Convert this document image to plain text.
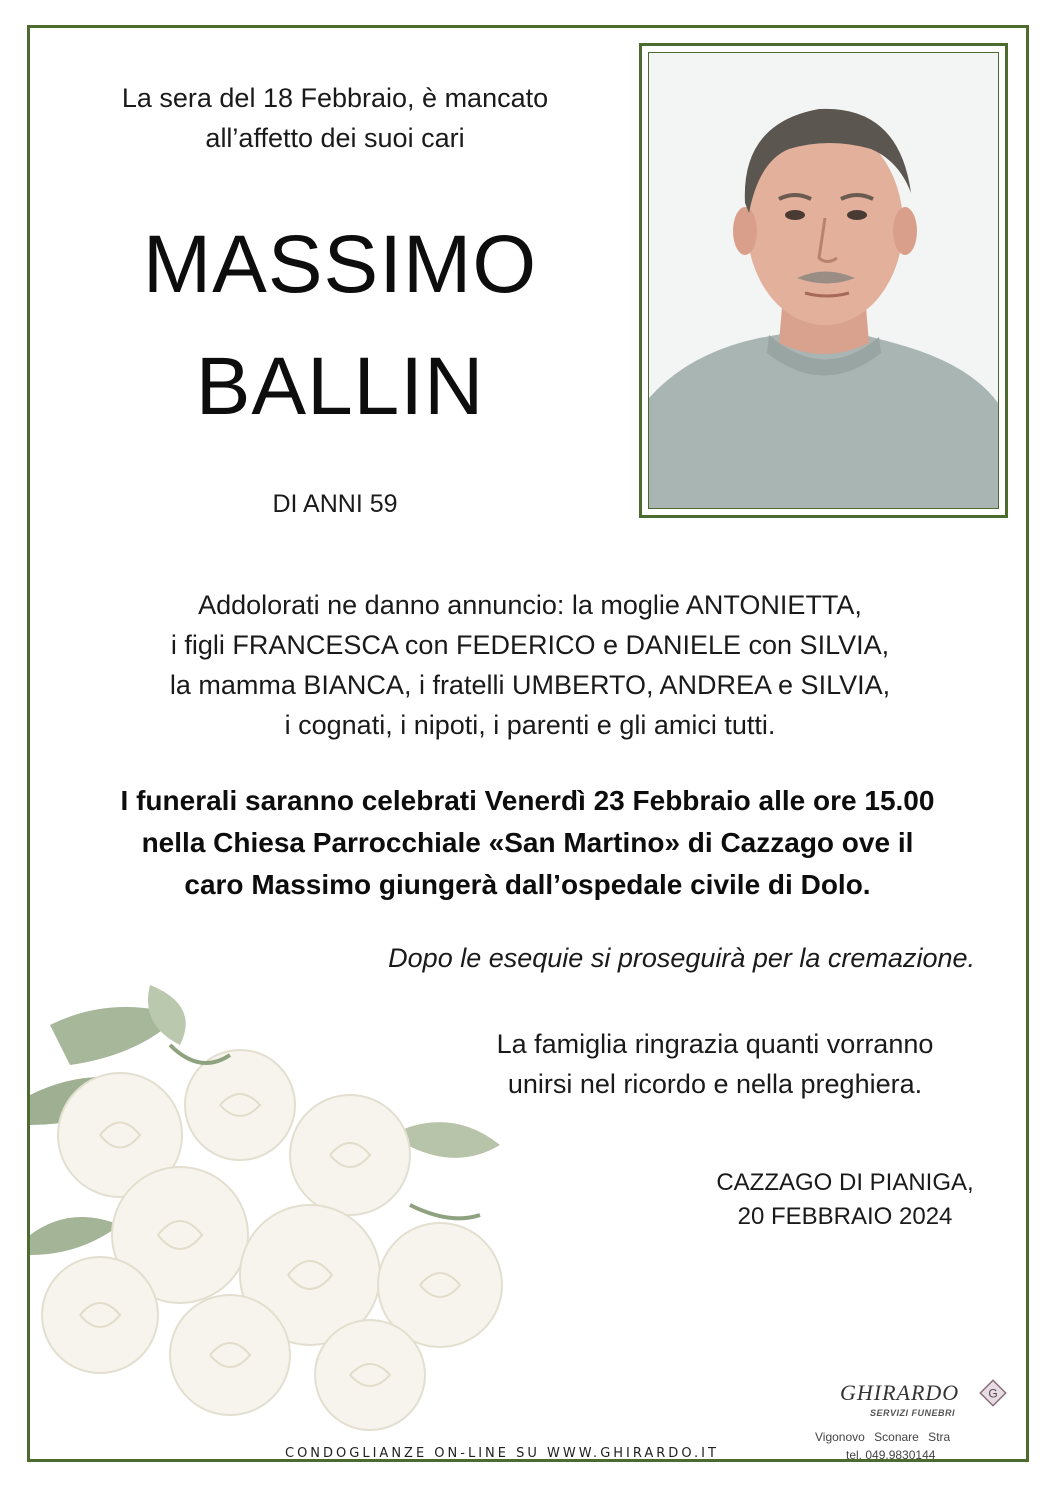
La sera del 18 Febbraio, è mancato
all’affetto dei suoi cari
MASSIMO
BALLIN
DI ANNI 59
Addolorati ne danno annuncio: la moglie ANTONIETTA,
i figli FRANCESCA con FEDERICO e DANIELE con SILVIA,
la mamma BIANCA, i fratelli UMBERTO, ANDREA e SILVIA,
i cognati, i nipoti, i parenti e gli amici tutti.
I funerali saranno celebrati Venerdì 23 Febbraio alle ore 15.00
nella Chiesa Parrocchiale «San Martino» di Cazzago ove il
caro Massimo giungerà dall’ospedale civile di Dolo.
Dopo le esequie si proseguirà per la cremazione.
La famiglia ringrazia quanti vorranno
unirsi nel ricordo e nella preghiera.
CAZZAGO DI PIANIGA,
20 FEBBRAIO 2024
CONDOGLIANZE ON-LINE SU WWW.GHIRARDO.IT
GHIRARDO
SERVIZI FUNEBRI
G
Vigonovo Sconare Stra
tel. 049.9830144
